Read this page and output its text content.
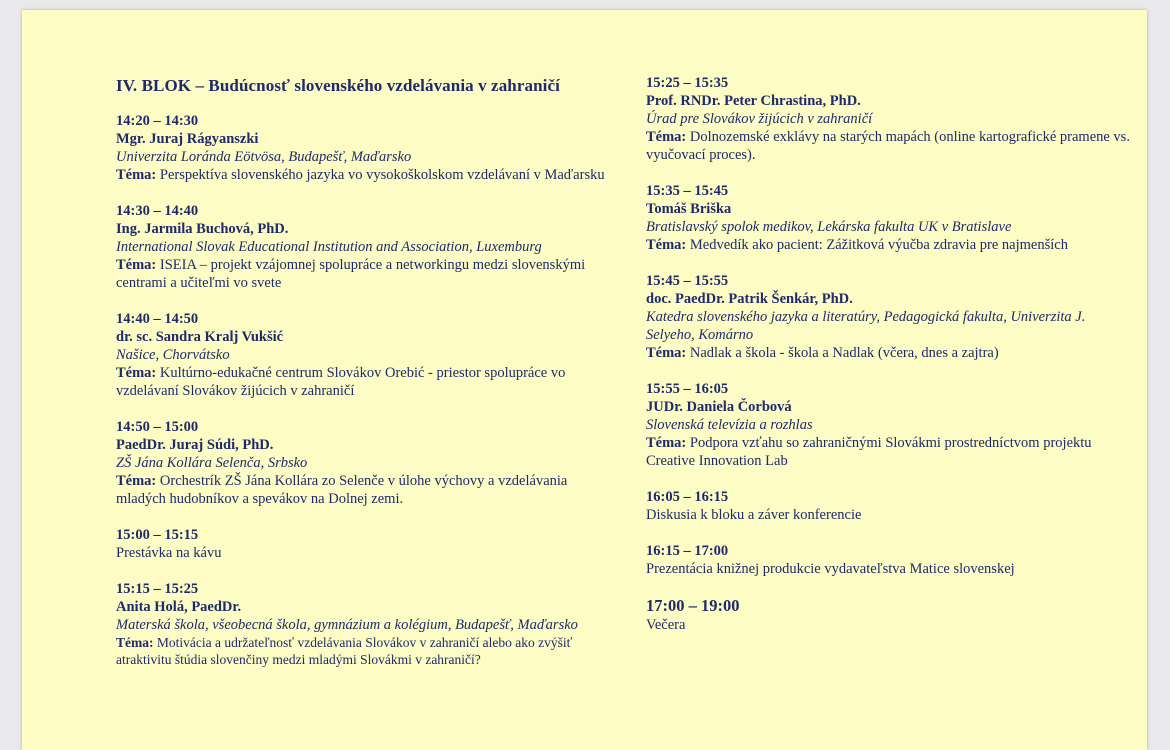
IV. BLOK – Budúcnosť slovenského vzdelávania v zahraničí
14:20 – 14:30
Mgr. Juraj Rágyanszki
Univerzita Loránda Eötvösa, Budapešť, Maďarsko
Téma: Perspektíva slovenského jazyka vo vysokoškolskom vzdelávaní v Maďarsku
14:30 – 14:40
Ing. Jarmila Buchová, PhD.
International Slovak Educational Institution and Association, Luxemburg
Téma: ISEIA – projekt vzájomnej spolupráce a networkingu medzi slovenskými centrami a učiteľmi vo svete
14:40 – 14:50
dr. sc. Sandra Kralj Vukšić
Našice, Chorvátsko
Téma: Kultúrno-edukačné centrum Slovákov Orebić - priestor spolupráce vo vzdelávaní Slovákov žijúcich v zahraničí
14:50 – 15:00
PaedDr. Juraj Súdi, PhD.
ZŠ Jána Kollára Selenča, Srbsko
Téma: Orchestrík ZŠ Jána Kollára zo Selenče v úlohe výchovy a vzdelávania mladých hudobníkov a spevákov na Dolnej zemi.
15:00 – 15:15
Prestávka na kávu
15:15 – 15:25
Anita Holá, PaedDr.
Materská škola, všeobecná škola, gymnázium a kolégium, Budapešť, Maďarsko
Téma: Motivácia a udržateľnosť vzdelávania Slovákov v zahraničí alebo ako zvýšiť atraktivitu štúdia slovenčiny medzi mladými Slovákmi v zahraničí?
15:25 – 15:35
Prof. RNDr. Peter Chrastina, PhD.
Úrad pre Slovákov žijúcich v zahraničí
Téma: Dolnozemské exklávy na starých mapách (online kartografické pramene vs. vyučovací proces).
15:35 – 15:45
Tomáš Briška
Bratislavský spolok medikov, Lekárska fakulta UK v Bratislave
Téma: Medvedík ako pacient: Zážitková výučba zdravia pre najmenších
15:45 – 15:55
doc. PaedDr. Patrik Šenkár, PhD.
Katedra slovenského jazyka a literatúry, Pedagogická fakulta, Univerzita J. Selyeho, Komárno
Téma: Nadlak a škola - škola a Nadlak (včera, dnes a zajtra)
15:55 – 16:05
JUDr. Daniela Čorbová
Slovenská televízia a rozhlas
Téma: Podpora vzťahu so zahraničnými Slovákmi prostredníctvom projektu Creative Innovation Lab
16:05 – 16:15
Diskusia k bloku a záver konferencie
16:15 – 17:00
Prezentácia knižnej produkcie vydavateľstva Matice slovenskej
17:00 – 19:00
Večera
